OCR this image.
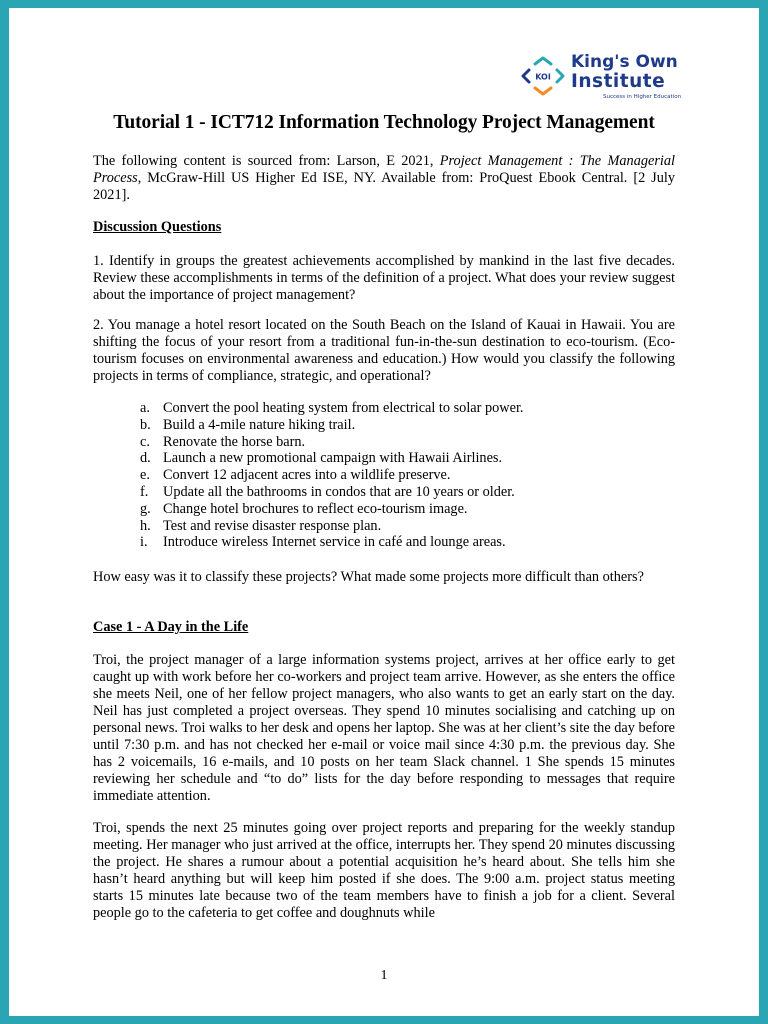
KOI
King's Own
Institute
Success in Higher Education
Tutorial 1 - ICT712 Information Technology Project Management

The following content is sourced from: Larson, E 2021, Project Management : The Managerial Process, McGraw-Hill US Higher Ed ISE, NY. Available from: ProQuest Ebook Central. [2 July 2021].

Discussion Questions

1. Identify in groups the greatest achievements accomplished by mankind in the last five decades. Review these accomplishments in terms of the definition of a project. What does your review suggest about the importance of project management?

2. You manage a hotel resort located on the South Beach on the Island of Kauai in Hawaii. You are shifting the focus of your resort from a traditional fun-in-the-sun destination to eco-tourism. (Eco-tourism focuses on environmental awareness and education.) How would you classify the following projects in terms of compliance, strategic, and operational?

a. Convert the pool heating system from electrical to solar power.
b. Build a 4-mile nature hiking trail.
c. Renovate the horse barn.
d. Launch a new promotional campaign with Hawaii Airlines.
e. Convert 12 adjacent acres into a wildlife preserve.
f. Update all the bathrooms in condos that are 10 years or older.
g. Change hotel brochures to reflect eco-tourism image.
h. Test and revise disaster response plan.
i. Introduce wireless Internet service in café and lounge areas.

How easy was it to classify these projects? What made some projects more difficult than others?

Case 1 - A Day in the Life

Troi, the project manager of a large information systems project, arrives at her office early to get caught up with work before her co-workers and project team arrive. However, as she enters the office she meets Neil, one of her fellow project managers, who also wants to get an early start on the day. Neil has just completed a project overseas. They spend 10 minutes socialising and catching up on personal news. Troi walks to her desk and opens her laptop. She was at her client’s site the day before until 7:30 p.m. and has not checked her e-mail or voice mail since 4:30 p.m. the previous day. She has 2 voicemails, 16 e-mails, and 10 posts on her team Slack channel. 1 She spends 15 minutes reviewing her schedule and “to do” lists for the day before responding to messages that require immediate attention.

Troi, spends the next 25 minutes going over project reports and preparing for the weekly standup meeting. Her manager who just arrived at the office, interrupts her. They spend 20 minutes discussing the project. He shares a rumour about a potential acquisition he’s heard about. She tells him she hasn’t heard anything but will keep him posted if she does. The 9:00 a.m. project status meeting starts 15 minutes late because two of the team members have to finish a job for a client. Several people go to the cafeteria to get coffee and doughnuts while

1
